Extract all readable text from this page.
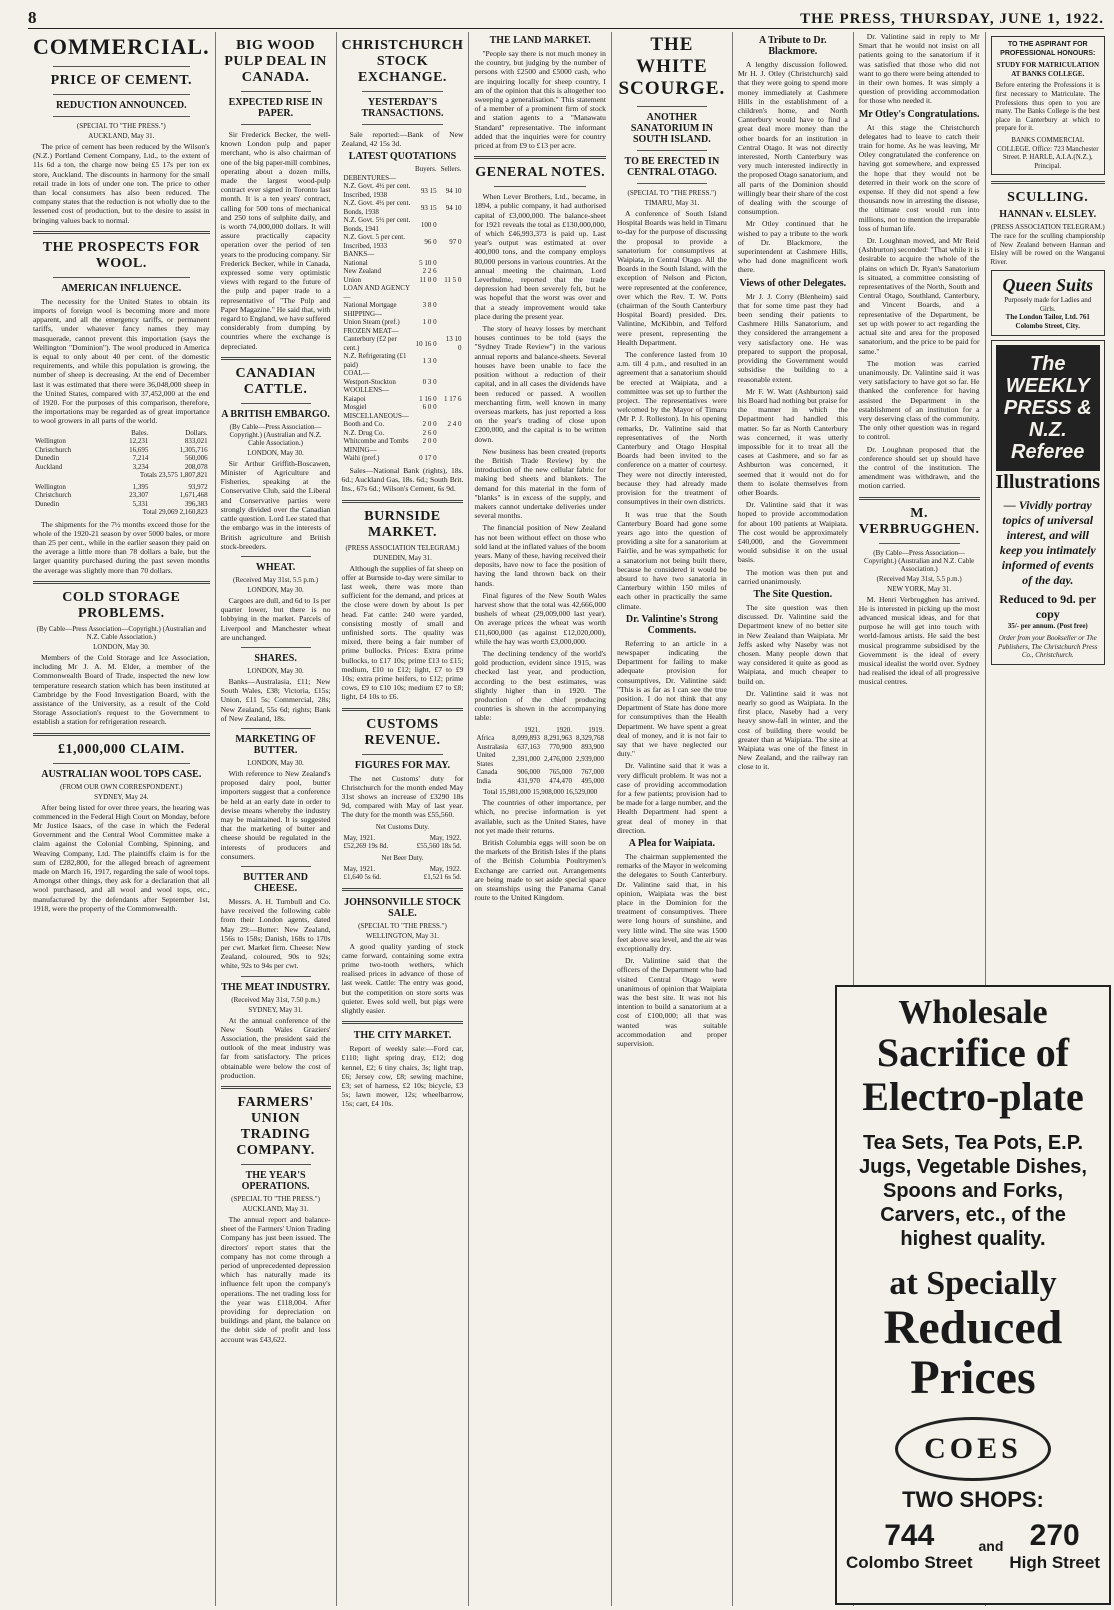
8	THE PRESS, THURSDAY, JUNE 1, 1922.
COMMERCIAL.
PRICE OF CEMENT.
REDUCTION ANNOUNCED.
(SPECIAL TO "THE PRESS.")
AUCKLAND, May 31.

The price of cement has been reduced by the Wilson's (N.Z.) Portland Cement Company, Ltd., to the extent of 11s 6d a ton, the charge now being £5 17s per ton ex store, Auckland. The discounts in harmony for the small retail trade in lots of under one ton. The price to other than local consumers has also been reduced. The company states that the reduction is not wholly due to the lessened cost of production, but to the desire to assist in bringing values back to normal.

THE PROSPECTS FOR WOOL.
AMERICAN INFLUENCE.

The necessity for the United States to obtain its imports of foreign wool is becoming more and more apparent, and all the emergency tariffs, or permanent tariffs, under whatever fancy names they may masquerade, cannot prevent this importation (says the Wellington "Dominion"). The wool produced in America is equal to only about 40 per cent. of the domestic requirements, and while this population is growing, the number of sheep is decreasing. At the end of December last it was estimated that there were 36,048,000 sheep in the United States, compared with 37,452,000 at the end of 1920. For the purposes of this comparison, therefore, the importations may be regarded as of great importance to wool growers in all parts of the world.

	Bales.	Dollars.
Wellington	12,231	833,021
Christchurch	16,695	1,305,716
Dunedin	7,214	560,006
Auckland	3,234	208,078
Totals 23,575 1,807,821		
Wellington	1,395	93,972
Christchurch	23,307	1,671,468
Dunedin	5,331	396,383
Total 29,069 2,160,823		

The shipments for the 7½ months exceed those for the whole of the 1920-21 season by over 5000 bales, or more than 25 per cent., while in the earlier season they paid on the average a little more than 78 dollars a bale, but the larger quantity purchased during the past seven months the average was slightly more than 70 dollars.

COLD STORAGE PROBLEMS.
(By Cable—Press Association—Copyright.) (Australian and N.Z. Cable Association.)
LONDON, May 30.

Members of the Cold Storage and Ice Association, including Mr J. A. M. Elder, a member of the Commonwealth Board of Trade, inspected the new low temperature research station which has been instituted at Cambridge by the Food Investigation Board, with the assistance of the University, as a result of the Cold Storage Association's request to the Government to establish a station for refrigeration research.

£1,000,000 CLAIM.
AUSTRALIAN WOOL TOPS CASE.
(FROM OUR OWN CORRESPONDENT.)
SYDNEY, May 24.

After being listed for over three years, the hearing was commenced in the Federal High Court on Monday, before Mr Justice Isaacs, of the case in which the Federal Government and the Central Wool Committee make a claim against the Colonial Combing, Spinning, and Weaving Company, Ltd. The plaintiffs claim is for the sum of £282,800, for the alleged breach of agreement made on March 16, 1917, regarding the sale of wool tops. Amongst other things, they ask for a declaration that all wool purchased, and all wool and wool tops, etc., manufactured by the defendants after September 1st, 1918, were the property of the Commonwealth.

BIG WOOD PULP DEAL IN CANADA.
EXPECTED RISE IN PAPER.

Sir Frederick Becker, the well-known London pulp and paper merchant, who is also chairman of one of the big paper-mill combines, operating about a dozen mills, made the largest wood-pulp contract ever signed in Toronto last month. It is a ten years' contract, calling for 500 tons of mechanical and 250 tons of sulphite daily, and is worth 74,000,000 dollars. It will assure practically capacity operation over the period of ten years to the producing company. Sir Frederick Becker, while in Canada, expressed some very optimistic views with regard to the future of the pulp and paper trade to a representative of "The Pulp and Paper Magazine." He said that, with regard to England, we have suffered considerably from dumping by countries where the exchange is depreciated.

CANADIAN CATTLE.
A BRITISH EMBARGO.
(By Cable—Press Association—Copyright.) (Australian and N.Z. Cable Association.)
LONDON, May 30.

Sir Arthur Griffith-Boscawen, Minister of Agriculture and Fisheries, speaking at the Conservative Club, said the Liberal and Conservative parties were strongly divided over the Canadian cattle question. Lord Lee stated that the embargo was in the interests of British agriculture and British stock-breeders.

WHEAT.
(Received May 31st, 5.5 p.m.)
LONDON, May 30.

Cargoes are dull, and 6d to 1s per quarter lower, but there is no lobbying in the market. Parcels of Liverpool and Manchester wheat are unchanged.

SHARES.
LONDON, May 30.

Banks—Australasia, £11; New South Wales, £38; Victoria, £15s; Union, £11 5s; Commercial, 28s; New Zealand, 55s 6d; rights; Bank of New Zealand, 18s.

MARKETING OF BUTTER.
LONDON, May 30.

With reference to New Zealand's proposed dairy pool, butter importers suggest that a conference be held at an early date in order to devise means whereby the industry may be maintained. It is suggested that the marketing of butter and cheese should be regulated in the interests of producers and consumers.

BUTTER AND CHEESE.

Messrs. A. H. Turnbull and Co. have received the following cable from their London agents, dated May 29:—Butter: New Zealand, 156s to 158s; Danish, 168s to 170s per cwt. Market firm. Cheese: New Zealand, coloured, 90s to 92s; white, 92s to 94s per cwt.

THE MEAT INDUSTRY.
(Received May 31st, 7.50 p.m.)
SYDNEY, May 31.

At the annual conference of the New South Wales Graziers' Association, the president said the outlook of the meat industry was far from satisfactory. The prices obtainable were below the cost of production.

FARMERS' UNION TRADING COMPANY.
THE YEAR'S OPERATIONS.
(SPECIAL TO "THE PRESS.")
AUCKLAND, May 31.

The annual report and balance-sheet of the Farmers' Union Trading Company has just been issued. The directors' report states that the company has not come through a period of unprecedented depression which has naturally made its influence felt upon the company's operations. The net trading loss for the year was £118,004. After providing for depreciation on buildings and plant, the balance on the debit side of profit and loss account was £43,622.

CHRISTCHURCH STOCK EXCHANGE.
YESTERDAY'S TRANSACTIONS.

Sale reported:—Bank of New Zealand, 42 15s 3d.

LATEST QUOTATIONS
	Buyers.	Sellers.
DEBENTURES—		
N.Z. Govt. 4½ per cent. Inscribed, 1938	93 15	94 10
N.Z. Govt. 4½ per cent. Bonds, 1938	93 15	94 10
N.Z. Govt. 5½ per cent. Bonds, 1941	100 0	
N.Z. Govt. 5 per cent. Inscribed, 1933	96 0	97 0
BANKS—		
National	5 10 0	
New Zealand	2 2 6	
Union	11 0 0	11 5 0
LOAN AND AGENCY—		
National Mortgage	3 8 0	
SHIPPING—		
Union Steam (pref.)	1 0 0	
FROZEN MEAT—		
Canterbury (£2 per cent.)	10 16 0	13 10 0
N.Z. Refrigerating (£1 paid)	1 3 0	
COAL—		
Westport-Stockton	0 3 0	
WOOLLENS—		
Kaiapoi	1 16 0	1 17 6
Mosgiel	6 0 0	
MISCELLANEOUS—		
Booth and Co.	2 0 0	2 4 0
N.Z. Drug Co.	2 6 0	
Whitcombe and Tombs	2 0 0	
MINING—		
Waihi (pref.)	0 17 0	

Sales—National Bank (rights), 18s. 6d.; Auckland Gas, 18s. 6d.; South Brit. Ins., 67s 6d.; Wilson's Cement, 6s 9d.

BURNSIDE MARKET.
(PRESS ASSOCIATION TELEGRAM.)
DUNEDIN, May 31.

Although the supplies of fat sheep on offer at Burnside to-day were similar to last week, there was more than sufficient for the demand, and prices at the close were down by about 1s per head. Fat cattle: 240 were yarded, consisting mostly of small and unfinished sorts. The quality was mixed, there being a fair number of prime bullocks. Prices: Extra prime bullocks, to £17 10s; prime £13 to £15; medium, £10 to £12; light, £7 to £9 10s; extra prime heifers, to £12; prime cows, £9 to £10 10s; medium £7 to £8; light, £4 10s to £6.

CUSTOMS REVENUE.
FIGURES FOR MAY.

The net Customs' duty for Christchurch for the month ended May 31st shows an increase of £3290 18s 9d, compared with May of last year. The duty for the month was £55,560.

Net Customs Duty.
May, 1921.	May, 1922.
£52,269 19s 8d.	£55,560 18s 5d.
Net Beer Duty.
May, 1921.	May, 1922.
£1,640 5s 6d.	£1,521 6s 5d.
JOHNSONVILLE STOCK SALE.
(SPECIAL TO "THE PRESS.")
WELLINGTON, May 31.

A good quality yarding of stock came forward, containing some extra prime two-tooth wethers, which realised prices in advance of those of last week. Cattle: The entry was good, but the competition on store sorts was quieter. Ewes sold well, but pigs were slightly easier.

THE CITY MARKET.

Report of weekly sale:—Ford car, £110; light spring dray, £12; dog kennel, £2; 6 tiny chairs, 3s; light trap, £6; Jersey cow, £8; sewing machine, £3; set of harness, £2 10s; bicycle, £3 5s; lawn mower, 12s; wheelbarrow, 15s; cart, £4 10s.

THE LAND MARKET.

"People say there is not much money in the country, but judging by the number of persons with £2500 and £5000 cash, who are inquiring locally for sheep country, I am of the opinion that this is altogether too sweeping a generalisation." This statement of a member of a prominent firm of stock and station agents to a "Manawatu Standard" representative. The informant added that the inquiries were for country priced at from £9 to £13 per acre.

GENERAL NOTES.

When Lever Brothers, Ltd., became, in 1894, a public company, it had authorised capital of £3,000,000. The balance-sheet for 1921 reveals the total as £130,000,000, of which £46,993,373 is paid up. Last year's output was estimated at over 400,000 tons, and the company employs 80,000 persons in various countries. At the annual meeting the chairman, Lord Leverhulme, reported that the trade depression had been severely felt, but he was hopeful that the worst was over and that a steady improvement would take place during the present year.

The story of heavy losses by merchant houses continues to be told (says the "Sydney Trade Review") in the various annual reports and balance-sheets. Several houses have been unable to face the position without a reduction of their capital, and in all cases the dividends have been reduced or passed. A woollen merchanting firm, well known in many overseas markets, has just reported a loss on the year's trading of close upon £200,000, and the capital is to be written down.

New business has been created (reports the British Trade Review) by the introduction of the new cellular fabric for making bed sheets and blankets. The demand for this material in the form of "blanks" is in excess of the supply, and makers cannot undertake deliveries under several months.

The financial position of New Zealand has not been without effect on those who sold land at the inflated values of the boom years. Many of these, having received their deposits, have now to face the position of having the land thrown back on their hands.

Final figures of the New South Wales harvest show that the total was 42,666,000 bushels of wheat (29,009,000 last year). On average prices the wheat was worth £11,600,000 (as against £12,020,000), while the hay was worth £3,000,000.

The declining tendency of the world's gold production, evident since 1915, was checked last year, and production, according to the best estimates, was slightly higher than in 1920. The production of the chief producing countries is shown in the accompanying table:

	1921.	1920.	1919.
Africa	8,099,893	8,291,963	8,329,768
Australasia	637,163	770,900	893,900
United States	2,391,000	2,476,000	2,939,000
Canada	906,000	765,000	767,000
India	431,970	474,470	495,000
Total 15,981,000 15,908,000 16,529,000

The countries of other importance, per which, no precise information is yet available, such as the United States, have not yet made their returns.

British Columbia eggs will soon be on the markets of the British Isles if the plans of the British Columbia Poultrymen's Exchange are carried out. Arrangements are being made to set aside special space on steamships using the Panama Canal route to the United Kingdom.

THE WHITE SCOURGE.
ANOTHER SANATORIUM IN SOUTH ISLAND.
TO BE ERECTED IN CENTRAL OTAGO.
(SPECIAL TO "THE PRESS.")
TIMARU, May 31.

A conference of South Island Hospital Boards was held in Timaru to-day for the purpose of discussing the proposal to provide a sanatorium for consumptives at Waipiata, in Central Otago. All the Boards in the South Island, with the exception of Nelson and Picton, were represented at the conference, over which the Rev. T. W. Potts (chairman of the South Canterbury Hospital Board) presided. Drs. Valintine, McKibbin, and Telford were present, representing the Health Department.

The conference lasted from 10 a.m. till 4 p.m., and resulted in an agreement that a sanatorium should be erected at Waipiata, and a committee was set up to further the project. The representatives were welcomed by the Mayor of Timaru (Mr P. J. Rolleston). In his opening remarks, Dr. Valintine said that representatives of the North Canterbury and Otago Hospital Boards had been invited to the conference on a matter of courtesy. They were not directly interested, because they had already made provision for the treatment of consumptives in their own districts.

It was true that the South Canterbury Board had gone some years ago into the question of providing a site for a sanatorium at Fairlie, and he was sympathetic for a sanatorium not being built there, because he considered it would be absurd to have two sanatoria in Canterbury within 150 miles of each other in practically the same climate.

Dr. Valintine's Strong Comments.

Referring to an article in a newspaper indicating the Department for failing to make adequate provision for consumptives, Dr. Valintine said: "This is as far as I can see the true position. I do not think that any Department of State has done more for consumptives than the Health Department. We have spent a great deal of money, and it is not fair to say that we have neglected our duty."

Dr. Valintine said that it was a very difficult problem. It was not a case of providing accommodation for a few patients; provision had to be made for a large number, and the Health Department had spent a great deal of money in that direction.

A Plea for Waipiata.

The chairman supplemented the remarks of the Mayor in welcoming the delegates to South Canterbury. Dr. Valintine said that, in his opinion, Waipiata was the best place in the Dominion for the treatment of consumptives. There were long hours of sunshine, and very little wind. The site was 1500 feet above sea level, and the air was exceptionally dry.

Dr. Valintine said that the officers of the Department who had visited Central Otago were unanimous of opinion that Waipiata was the best site. It was not his intention to build a sanatorium at a cost of £100,000; all that was wanted was suitable accommodation and proper supervision.

A Tribute to Dr. Blackmore.

A lengthy discussion followed. Mr H. J. Otley (Christchurch) said that they were going to spend more money immediately at Cashmere Hills in the establishment of a children's home, and North Canterbury would have to find a great deal more money than the other boards for an institution in Central Otago. It was not directly interested, North Canterbury was very much interested indirectly in the proposed Otago sanatorium, and all parts of the Dominion should willingly bear their share of the cost of dealing with the scourge of consumption.

Mr Otley continued that he wished to pay a tribute to the work of Dr. Blackmore, the superintendent at Cashmere Hills, who had done magnificent work there.

Views of other Delegates.

Mr J. J. Corry (Blenheim) said that for some time past they had been sending their patients to Cashmere Hills Sanatorium, and they considered the arrangement a very satisfactory one. He was prepared to support the proposal, providing the Government would subsidise the building to a reasonable extent.

Mr F. W. Watt (Ashburton) said his Board had nothing but praise for the manner in which the Department had handled this matter. So far as North Canterbury was concerned, it was utterly impossible for it to treat all the cases at Cashmere, and so far as Ashburton was concerned, it seemed that it would not do for them to isolate themselves from other Boards.

Dr. Valintine said that it was hoped to provide accommodation for about 100 patients at Waipiata. The cost would be approximately £40,000, and the Government would subsidise it on the usual basis.

The motion was then put and carried unanimously.

The Site Question.

The site question was then discussed. Dr. Valintine said the Department knew of no better site in New Zealand than Waipiata. Mr Jeffs asked why Naseby was not chosen. Many people down that way considered it quite as good as Waipiata, and much cheaper to build on.

Dr. Valintine said it was not nearly so good as Waipiata. In the first place, Naseby had a very heavy snow-fall in winter, and the cost of building there would be greater than at Waipiata. The site at Waipiata was one of the finest in New Zealand, and the railway ran close to it.

Dr. Valintine said in reply to Mr Smart that he would not insist on all patients going to the sanatorium if it was satisfied that those who did not want to go there were being attended to in their own homes. It was simply a question of providing accommodation for those who needed it.

Mr Otley's Congratulations.

At this stage the Christchurch delegates had to leave to catch their train for home. As he was leaving, Mr Otley congratulated the conference on having got somewhere, and expressed the hope that they would not be deterred in their work on the score of expense. If they did not spend a few thousands now in arresting the disease, the ultimate cost would run into millions, not to mention the irreparable loss of human life.

Dr. Loughnan moved, and Mr Reid (Ashburton) seconded: "That while it is desirable to acquire the whole of the plains on which Dr. Ryan's Sanatorium is situated, a committee consisting of representatives of the North, South and Central Otago, Southland, Canterbury, and Vincent Boards, and a representative of the Department, be set up with power to act regarding the actual site and area for the proposed sanatorium, and the price to be paid for same."

The motion was carried unanimously. Dr. Valintine said it was very satisfactory to have got so far. He thanked the conference for having assisted the Department in the establishment of an institution for a very deserving class of the community. The only other question was in regard to control.

Dr. Loughnan proposed that the conference should set up should have the control of the institution. The amendment was withdrawn, and the motion carried.

M. VERBRUGGHEN.
(By Cable—Press Association—Copyright.) (Australian and N.Z. Cable Association.)
(Received May 31st, 5.5 p.m.)
NEW YORK, May 31.

M. Henri Verbrugghen has arrived. He is interested in picking up the most advanced musical ideas, and for that purpose he will get into touch with world-famous artists. He said the best musical programme subsidised by the Government is the ideal of every musical idealist the world over. Sydney had realised the ideal of all progressive musical centres.

TO THE ASPIRANT FOR PROFESSIONAL HONOURS:
STUDY FOR MATRICULATION AT BANKS COLLEGE.
Before entering the Professions it is first necessary to Matriculate. The Professions thus open to you are many. The Banks College is the best place in Canterbury at which to prepare for it.
BANKS COMMERCIAL COLLEGE. Office: 723 Manchester Street. P. HARLE, A.I.A.(N.Z.), Principal.
SCULLING.
HANNAN v. ELSLEY.
(PRESS ASSOCIATION TELEGRAM.)
The race for the sculling championship of New Zealand between Hannan and Elsley will be rowed on the Wanganui River.
Queen Suits
Purposely made for Ladies and Girls.
The London Tailor, Ltd. 761 Colombo Street, City.
The WEEKLY PRESS & N.Z. Referee
Illustrations
— Vividly portray topics of universal interest, and will keep you intimately informed of events of the day.
Reduced to 9d. per copy
35/- per annum. (Post free)
Order from your Bookseller or The Publishers, The Christchurch Press Co., Christchurch.
Wholesale
Sacrifice of
Electro-plate
Tea Sets, Tea Pots, E.P. Jugs, Vegetable Dishes, Spoons and Forks, Carvers, etc., of the highest quality.
at Specially
Reduced Prices
COES
TWO SHOPS:
744
Colombo Street
and 270
High Street
